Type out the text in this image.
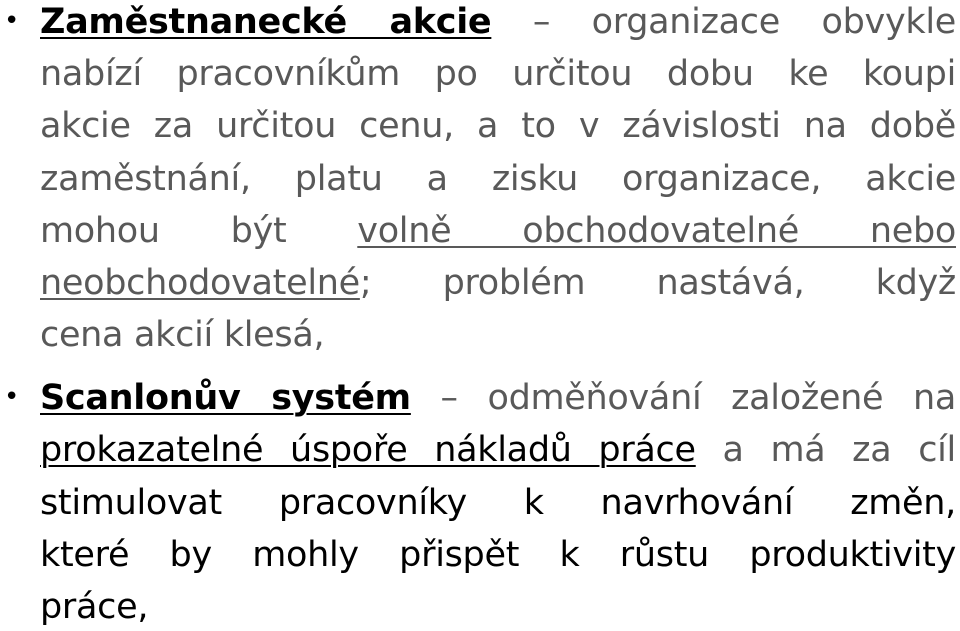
• Zaměstnanecké akcie – organizace obvykle
nabízí pracovníkům po určitou dobu ke koupi
akcie za určitou cenu, a to v závislosti na době
zaměstnání, platu a zisku organizace, akcie
mohou být volně obchodovatelné nebo
neobchodovatelné; problém nastává, když
cena akcií klesá,
• Scanlonův systém – odměňování založené na
prokazatelné úspoře nákladů práce a má za cíl
stimulovat pracovníky k navrhování změn,
které by mohly přispět k růstu produktivity
práce,
